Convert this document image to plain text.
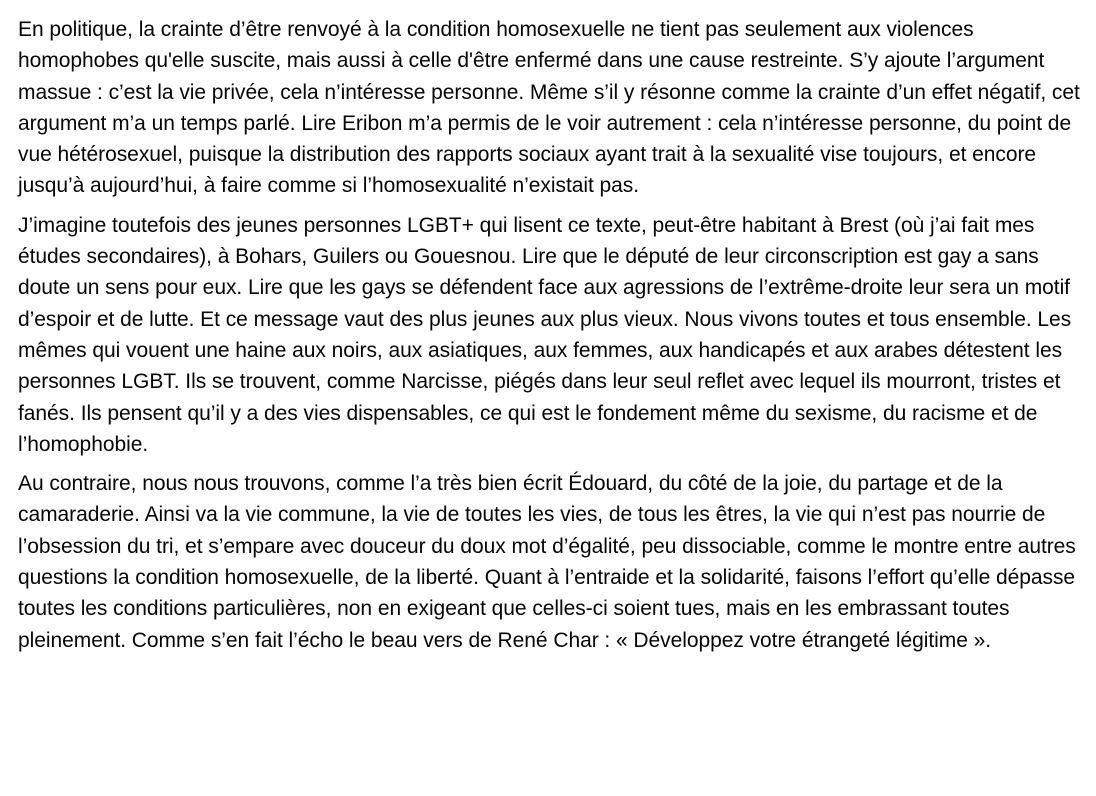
En politique, la crainte d’être renvoyé à la condition homosexuelle ne tient pas seulement aux violences homophobes qu'elle suscite, mais aussi à celle d'être enfermé dans une cause restreinte. S’y ajoute l’argument massue : c’est la vie privée, cela n’intéresse personne. Même s’il y résonne comme la crainte d’un effet négatif, cet argument m’a un temps parlé. Lire Eribon m’a permis de le voir autrement : cela n’intéresse personne, du point de vue hétérosexuel, puisque la distribution des rapports sociaux ayant trait à la sexualité vise toujours, et encore jusqu’à aujourd’hui, à faire comme si l’homosexualité n’existait pas.

J’imagine toutefois des jeunes personnes LGBT+ qui lisent ce texte, peut-être habitant à Brest (où j’ai fait mes études secondaires), à Bohars, Guilers ou Gouesnou. Lire que le député de leur circonscription est gay a sans doute un sens pour eux. Lire que les gays se défendent face aux agressions de l’extrême-droite leur sera un motif d’espoir et de lutte. Et ce message vaut des plus jeunes aux plus vieux. Nous vivons toutes et tous ensemble. Les mêmes qui vouent une haine aux noirs, aux asiatiques, aux femmes, aux handicapés et aux arabes détestent les personnes LGBT. Ils se trouvent, comme Narcisse, piégés dans leur seul reflet avec lequel ils mourront, tristes et fanés. Ils pensent qu’il y a des vies dispensables, ce qui est le fondement même du sexisme, du racisme et de l’homophobie.

Au contraire, nous nous trouvons, comme l’a très bien écrit Édouard, du côté de la joie, du partage et de la camaraderie. Ainsi va la vie commune, la vie de toutes les vies, de tous les êtres, la vie qui n’est pas nourrie de l’obsession du tri, et s’empare avec douceur du doux mot d’égalité, peu dissociable, comme le montre entre autres questions la condition homosexuelle, de la liberté. Quant à l’entraide et la solidarité, faisons l’effort qu’elle dépasse toutes les conditions particulières, non en exigeant que celles-ci soient tues, mais en les embrassant toutes pleinement. Comme s’en fait l’écho le beau vers de René Char : « Développez votre étrangeté légitime ».
